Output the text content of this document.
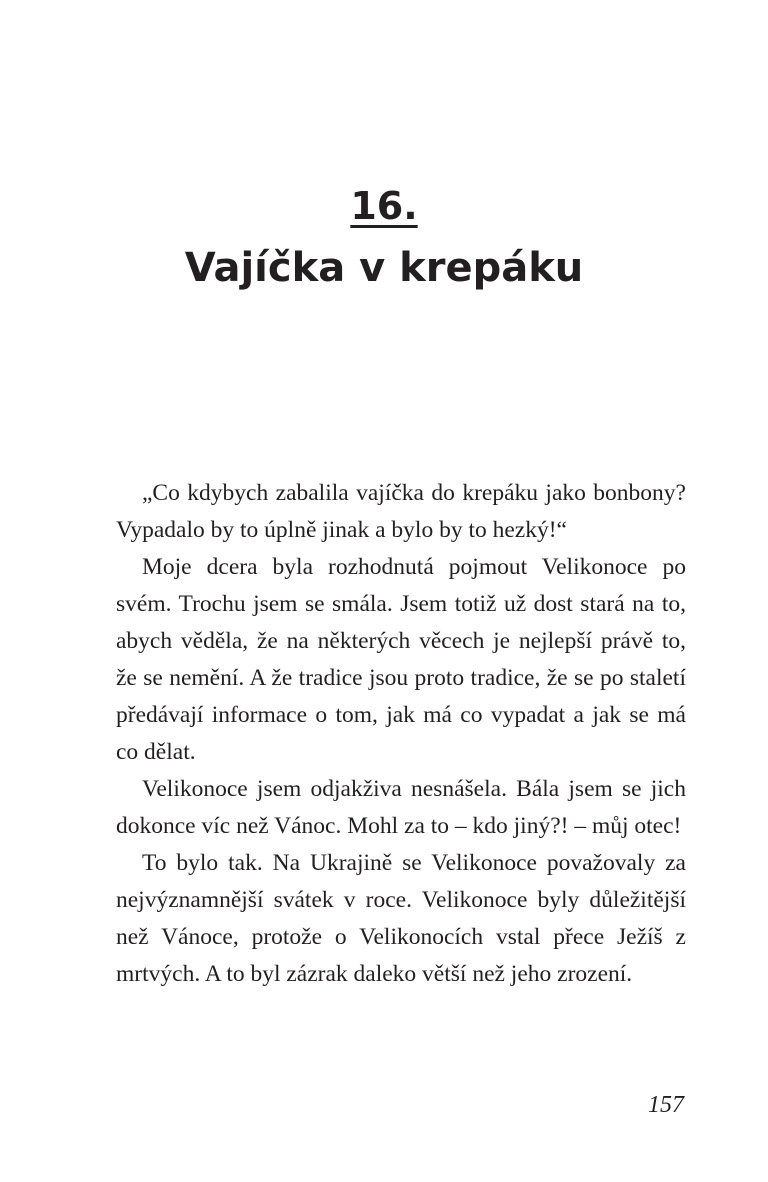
16.
Vajíčka v krepáku

„Co kdybych zabalila vajíčka do krepáku jako bonbony? Vypadalo by to úplně jinak a bylo by to hezký!“

Moje dcera byla rozhodnutá pojmout Velikonoce po svém. Trochu jsem se smála. Jsem totiž už dost stará na to, abych věděla, že na některých věcech je nejlepší právě to, že se nemění. A že tradice jsou proto tradice, že se po staletí předávají informace o tom, jak má co vypadat a jak se má co dělat.

Velikonoce jsem odjakživa nesnášela. Bála jsem se jich dokonce víc než Vánoc. Mohl za to – kdo jiný?! – můj otec!

To bylo tak. Na Ukrajině se Velikonoce považovaly za nejvýznamnější svátek v roce. Velikonoce byly důležitější než Vánoce, protože o Velikonocích vstal přece Ježíš z mrtvých. A to byl zázrak daleko větší než jeho zrození.

157
